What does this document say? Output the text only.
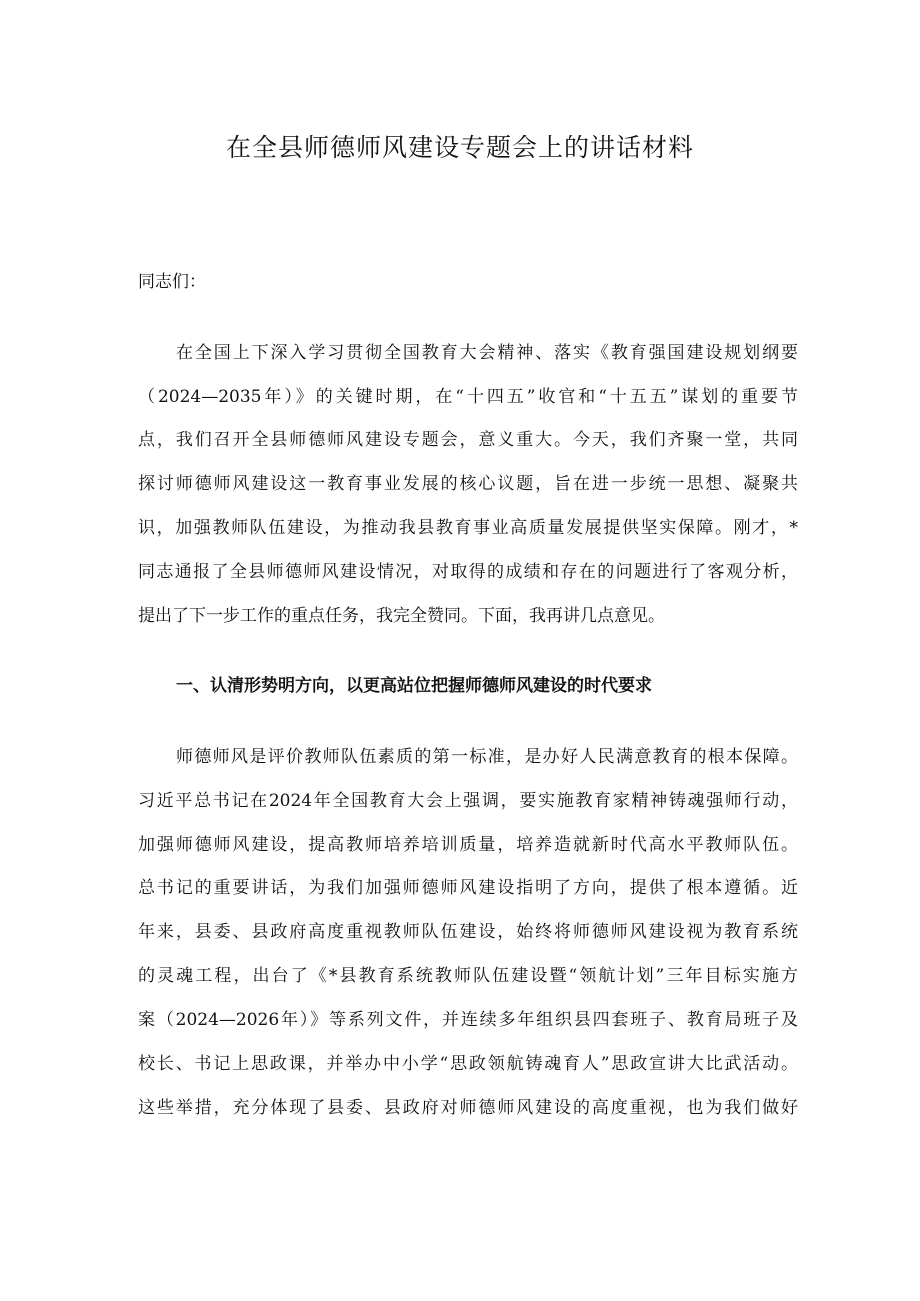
在全县师德师风建设专题会上的讲话材料

同志们：

在全国上下深入学习贯彻全国教育大会精神、落实《教育强国建设规划纲要

（2024—2035年）》的关键时期，在“十四五”收官和“十五五”谋划的重要节

点，我们召开全县师德师风建设专题会，意义重大。今天，我们齐聚一堂，共同

探讨师德师风建设这一教育事业发展的核心议题，旨在进一步统一思想、凝聚共

识，加强教师队伍建设，为推动我县教育事业高质量发展提供坚实保障。刚才，*

同志通报了全县师德师风建设情况，对取得的成绩和存在的问题进行了客观分析，

提出了下一步工作的重点任务，我完全赞同。下面，我再讲几点意见。

一、认清形势明方向，以更高站位把握师德师风建设的时代要求

师德师风是评价教师队伍素质的第一标准，是办好人民满意教育的根本保障。

习近平总书记在2024年全国教育大会上强调，要实施教育家精神铸魂强师行动，

加强师德师风建设，提高教师培养培训质量，培养造就新时代高水平教师队伍。

总书记的重要讲话，为我们加强师德师风建设指明了方向，提供了根本遵循。近

年来，县委、县政府高度重视教师队伍建设，始终将师德师风建设视为教育系统

的灵魂工程，出台了《*县教育系统教师队伍建设暨“领航计划”三年目标实施方

案（2024—2026年）》等系列文件，并连续多年组织县四套班子、教育局班子及

校长、书记上思政课，并举办中小学“思政领航铸魂育人”思政宣讲大比武活动。

这些举措，充分体现了县委、县政府对师德师风建设的高度重视，也为我们做好
